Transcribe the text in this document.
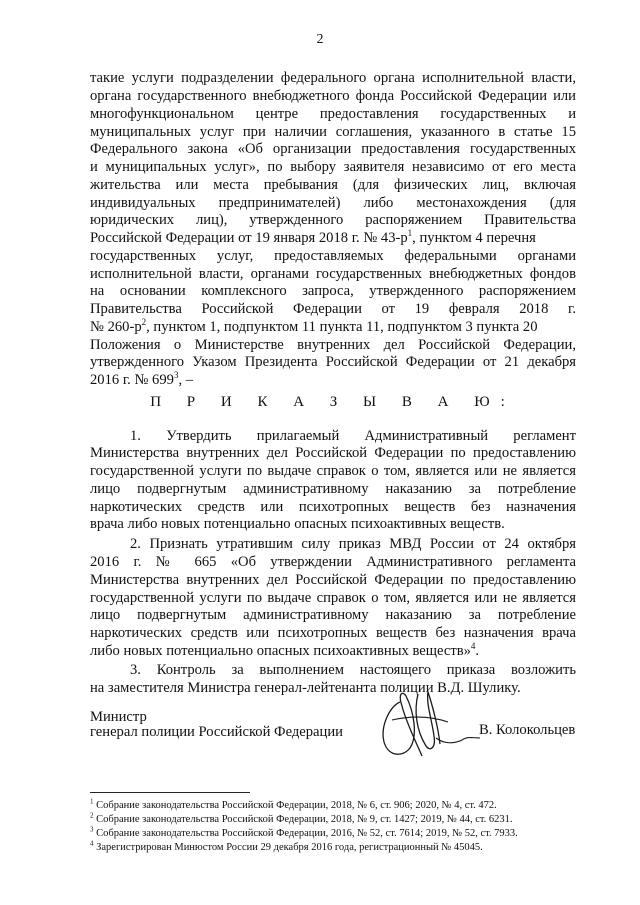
2
такие услуги подразделении федерального органа исполнительной власти,
органа государственного внебюджетного фонда Российской Федерации или
многофункциональном центре предоставления государственных и
муниципальных услуг при наличии соглашения, указанного в статье 15
Федерального закона «Об организации предоставления государственных
и муниципальных услуг», по выбору заявителя независимо от его места
жительства или места пребывания (для физических лиц, включая
индивидуальных предпринимателей) либо местонахождения (для
юридических лиц), утвержденного распоряжением Правительства
Российской Федерации от 19 января 2018 г. № $43-р^1$, пунктом 4 перечня
государственных услуг, предоставляемых федеральными органами
исполнительной власти, органами государственных внебюджетных фондов
на основании комплексного запроса, утвержденного распоряжением
Правительства Российской Федерации от 19 февраля 2018 г.
№ $260-р^2$, пунктом 1, подпунктом 11 пункта 11, подпунктом 3 пункта 20
Положения о Министерстве внутренних дел Российской Федерации,
утвержденного Указом Президента Российской Федерации от 21 декабря
2016 г. № $699^3$, –
П Р И К А З Ы В А Ю:
1. Утвердить прилагаемый Административный регламент
Министерства внутренних дел Российской Федерации по предоставлению
государственной услуги по выдаче справок о том, является или не является
лицо подвергнутым административному наказанию за потребление
наркотических средств или психотропных веществ без назначения
врача либо новых потенциально опасных психоактивных веществ.
2. Признать утратившим силу приказ МВД России от 24 октября
2016 г. № 665 «Об утверждении Административного регламента
Министерства внутренних дел Российской Федерации по предоставлению
государственной услуги по выдаче справок о том, является или не является
лицо подвергнутым административному наказанию за потребление
наркотических средств или психотропных веществ без назначения врача
либо новых потенциально опасных психоактивных веществ»$^4$.
3. Контроль за выполнением настоящего приказа возложить
на заместителя Министра генерал-лейтенанта полиции В.Д. Шулику.
Министр
генерал полиции Российской Федерации	В. Колокольцев
$^1$ Собрание законодательства Российской Федерации, 2018, № 6, ст. 906; 2020, № 4, ст. 472.
$^2$ Собрание законодательства Российской Федерации, 2018, № 9, ст. 1427; 2019, № 44, ст. 6231.
$^3$ Собрание законодательства Российской Федерации, 2016, № 52, ст. 7614; 2019, № 52, ст. 7933.
$^4$ Зарегистрирован Минюстом России 29 декабря 2016 года, регистрационный № 45045.
